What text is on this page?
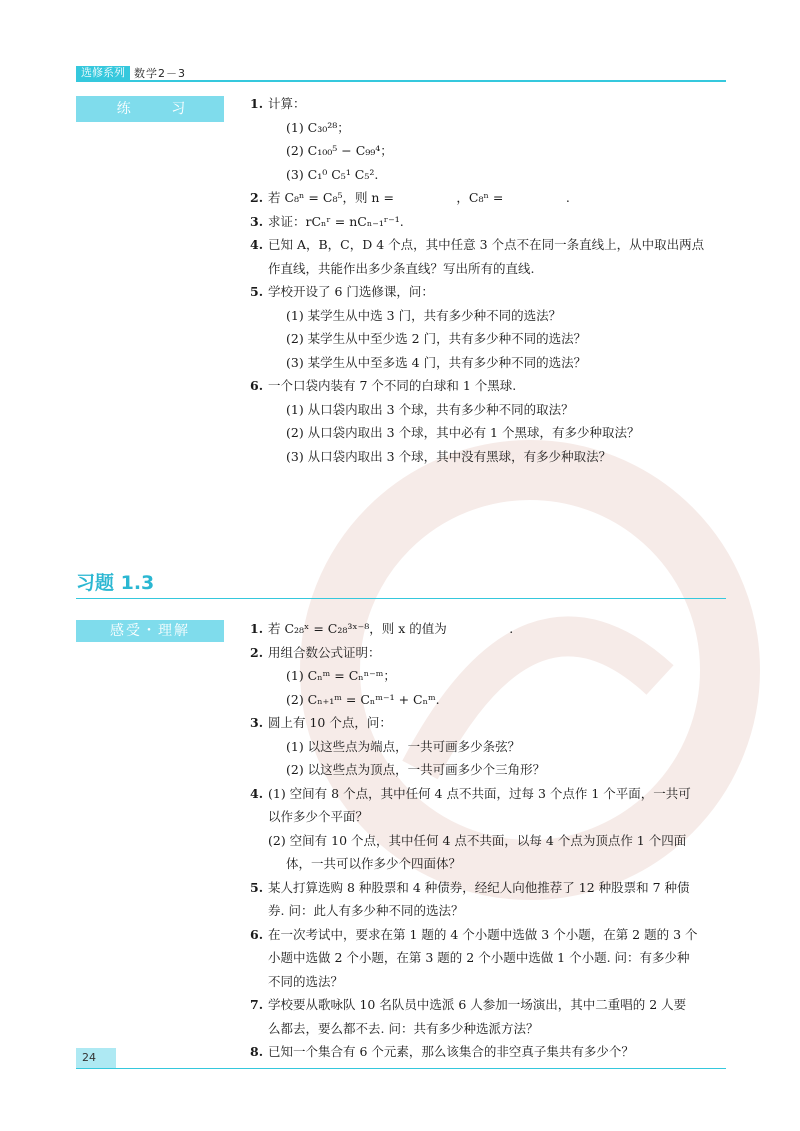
选修系列 数学2－3
练 习	1. 计算：
(1) C₃₀²⁸；
(2) C₁₀₀⁵ − C₉₉⁴；
(3) C₁⁰ C₅¹ C₅².
2. 若 C₈ⁿ = C₈⁵，则 n =　　　　　，C₈ⁿ =　　　　　.
3. 求证：rCₙʳ = nCₙ₋₁ʳ⁻¹.
4. 已知 A，B，C，D 4 个点，其中任意 3 个点不在同一条直线上，从中取出两点
作直线，共能作出多少条直线？写出所有的直线.
5. 学校开设了 6 门选修课，问：
(1) 某学生从中选 3 门，共有多少种不同的选法？
(2) 某学生从中至少选 2 门，共有多少种不同的选法？
(3) 某学生从中至多选 4 门，共有多少种不同的选法？
6. 一个口袋内装有 7 个不同的白球和 1 个黑球.
(1) 从口袋内取出 3 个球，共有多少种不同的取法？
(2) 从口袋内取出 3 个球，其中必有 1 个黑球，有多少种取法？
(3) 从口袋内取出 3 个球，其中没有黑球，有多少种取法？
习题 1.3
感受・理解	1. 若 C₂₈ˣ = C₂₈³ˣ⁻⁸，则 x 的值为　　　　　.
2. 用组合数公式证明：
(1) Cₙᵐ = Cₙⁿ⁻ᵐ；
(2) Cₙ₊₁ᵐ = Cₙᵐ⁻¹ + Cₙᵐ.
3. 圆上有 10 个点，问：
(1) 以这些点为端点，一共可画多少条弦？
(2) 以这些点为顶点，一共可画多少个三角形？
4. (1) 空间有 8 个点，其中任何 4 点不共面，过每 3 个点作 1 个平面，一共可
以作多少个平面？
(2) 空间有 10 个点，其中任何 4 点不共面，以每 4 个点为顶点作 1 个四面
体，一共可以作多少个四面体？
5. 某人打算选购 8 种股票和 4 种债券，经纪人向他推荐了 12 种股票和 7 种债
券. 问：此人有多少种不同的选法？
6. 在一次考试中，要求在第 1 题的 4 个小题中选做 3 个小题，在第 2 题的 3 个
小题中选做 2 个小题，在第 3 题的 2 个小题中选做 1 个小题. 问：有多少种
不同的选法？
7. 学校要从歌咏队 10 名队员中选派 6 人参加一场演出，其中二重唱的 2 人要
么都去，要么都不去. 问：共有多少种选派方法？
8. 已知一个集合有 6 个元素，那么该集合的非空真子集共有多少个？
24
